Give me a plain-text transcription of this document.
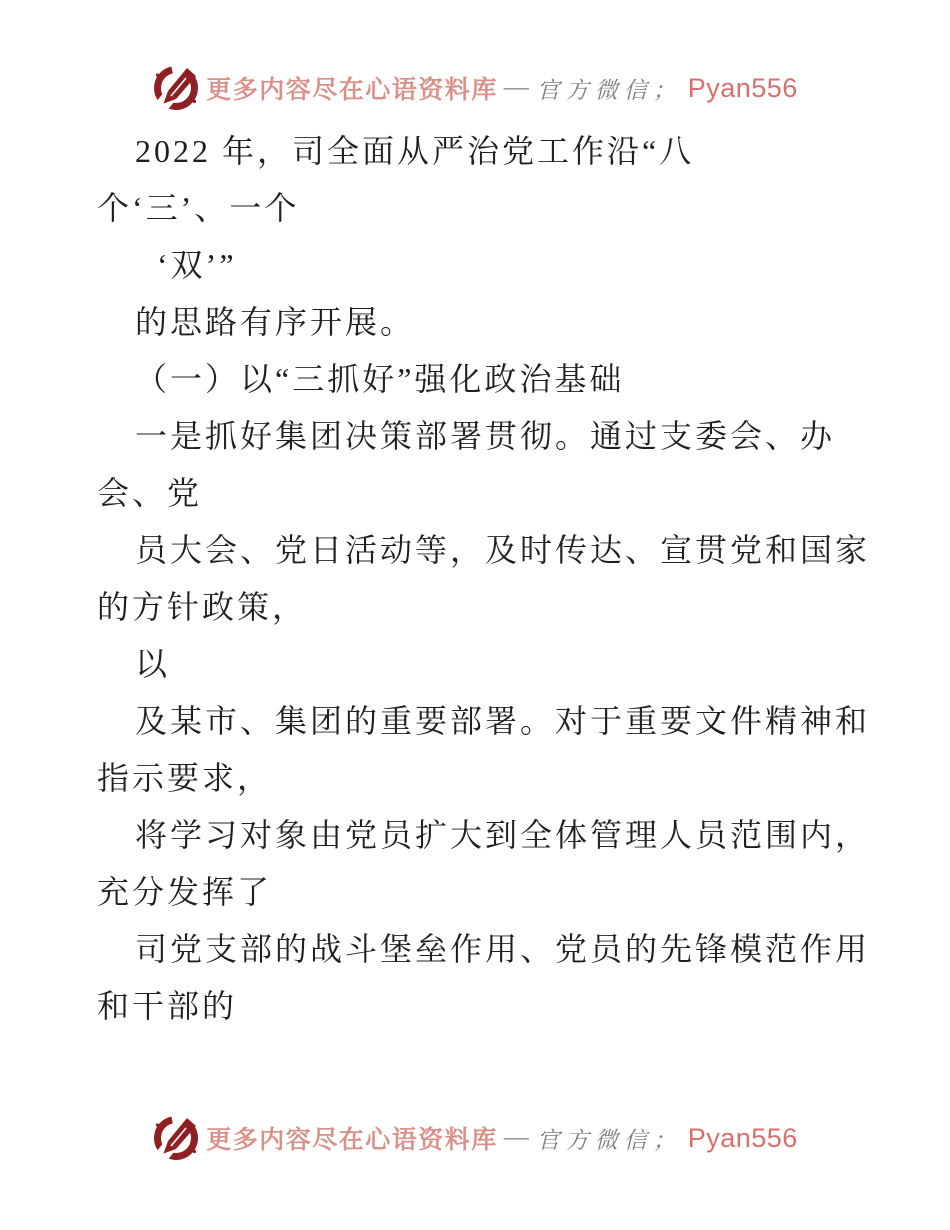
更多内容尽在心语资料库 — 官方微信； Pyan556
2022 年，司全面从严治党工作沿“八
个‘三’、一个
‘双’”
的思路有序开展。
（一）以“三抓好”强化政治基础
一是抓好集团决策部署贯彻。通过支委会、办
会、党
员大会、党日活动等，及时传达、宣贯党和国家
的方针政策，
以
及某市、集团的重要部署。对于重要文件精神和
指示要求，
将学习对象由党员扩大到全体管理人员范围内，
充分发挥了
司党支部的战斗堡垒作用、党员的先锋模范作用
和干部的
更多内容尽在心语资料库 — 官方微信； Pyan556
